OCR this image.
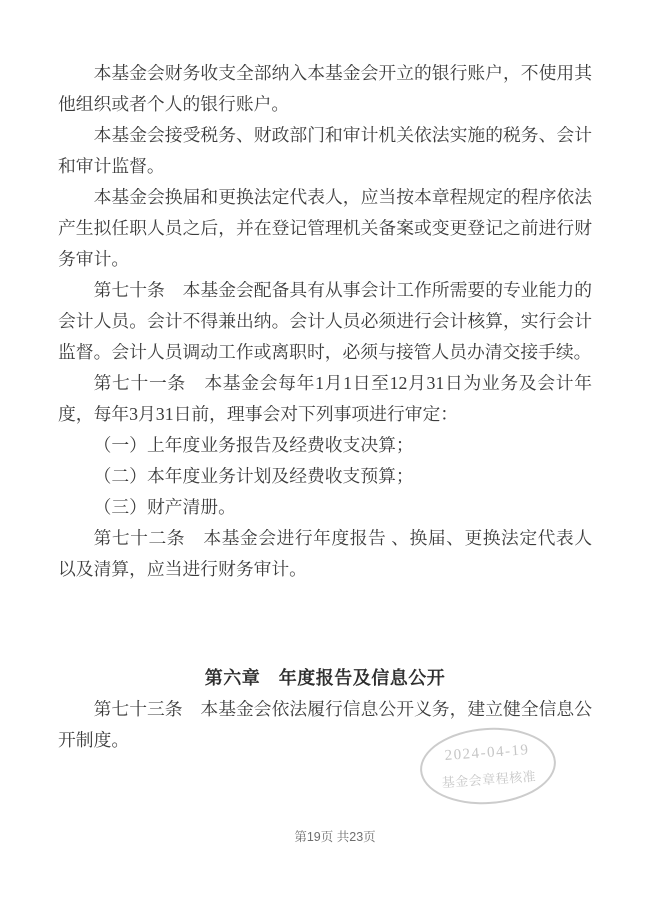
2024-04-19
基金会章程核准

本基金会财务收支全部纳入本基金会开立的银行账户，不使用其他组织或者个人的银行账户。

本基金会接受税务、财政部门和审计机关依法实施的税务、会计和审计监督。

本基金会换届和更换法定代表人，应当按本章程规定的程序依法产生拟任职人员之后，并在登记管理机关备案或变更登记之前进行财务审计。

第七十条　本基金会配备具有从事会计工作所需要的专业能力的会计人员。会计不得兼出纳。会计人员必须进行会计核算，实行会计监督。会计人员调动工作或离职时，必须与接管人员办清交接手续。

第七十一条　本基金会每年1月1日至12月31日为业务及会计年度，每年3月31日前，理事会对下列事项进行审定：

（一）上年度业务报告及经费收支决算；

（二）本年度业务计划及经费收支预算；

（三）财产清册。

第七十二条　本基金会进行年度报告 、换届、更换法定代表人以及清算，应当进行财务审计。

第六章　年度报告及信息公开

第七十三条　本基金会依法履行信息公开义务，建立健全信息公开制度。

第19页 共23页
